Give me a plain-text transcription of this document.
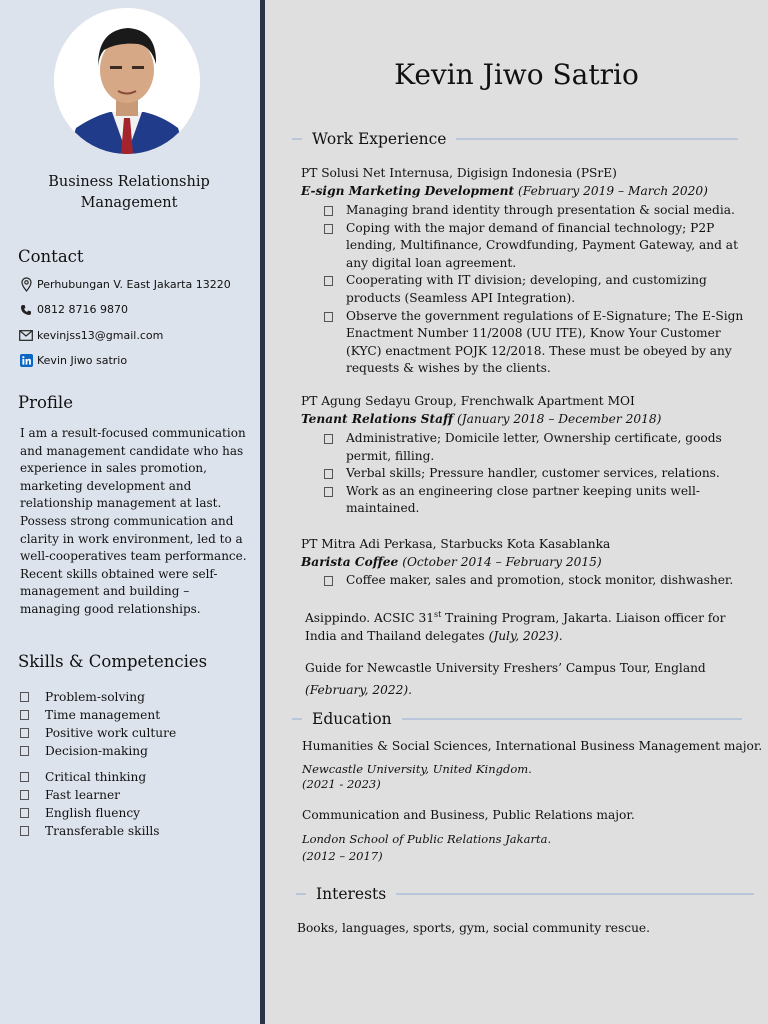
Business Relationship Management
Contact
Perhubungan V. East Jakarta 13220
0812 8716 9870
kevinjss13@gmail.com
Kevin Jiwo satrio
Profile
I am a result-focused communication
and management candidate who has
experience in sales promotion,
marketing development and
relationship management at last.
Possess strong communication and
clarity in work environment, led to a
well-cooperatives team performance.
Recent skills obtained were self-
management and building –
managing good relationships.
Skills & Competencies
Problem-solving
Time management
Positive work culture
Decision-making
Critical thinking
Fast learner
English fluency
Transferable skills
Kevin Jiwo Satrio
Work Experience

PT Solusi Net Internusa, Digisign Indonesia (PSrE)

E-sign Marketing Development (February 2019 – March 2020)

Managing brand identity through presentation & social media.
Coping with the major demand of financial technology; P2P
lending, Multifinance, Crowdfunding, Payment Gateway, and at
any digital loan agreement.
Cooperating with IT division; developing, and customizing
products (Seamless API Integration).
Observe the government regulations of E-Signature; The E-Sign
Enactment Number 11/2008 (UU ITE), Know Your Customer
(KYC) enactment POJK 12/2018. These must be obeyed by any
requests & wishes by the clients.

PT Agung Sedayu Group, Frenchwalk Apartment MOI

Tenant Relations Staff (January 2018 – December 2018)

Administrative; Domicile letter, Ownership certificate, goods
permit, filling.
Verbal skills; Pressure handler, customer services, relations.
Work as an engineering close partner keeping units well-
maintained.

PT Mitra Adi Perkasa, Starbucks Kota Kasablanka

Barista Coffee (October 2014 – February 2015)

Coffee maker, sales and promotion, stock monitor, dishwasher.

Asippindo. ACSIC 31st Training Program, Jakarta. Liaison officer for

India and Thailand delegates (July, 2023).

Guide for Newcastle University Freshers’ Campus Tour, England

(February, 2022).

Education

Humanities & Social Sciences, International Business Management major.

Newcastle University, United Kingdom.

(2021 - 2023)

Communication and Business, Public Relations major.

London School of Public Relations Jakarta.

(2012 – 2017)

Interests
Books, languages, sports, gym, social community rescue.
